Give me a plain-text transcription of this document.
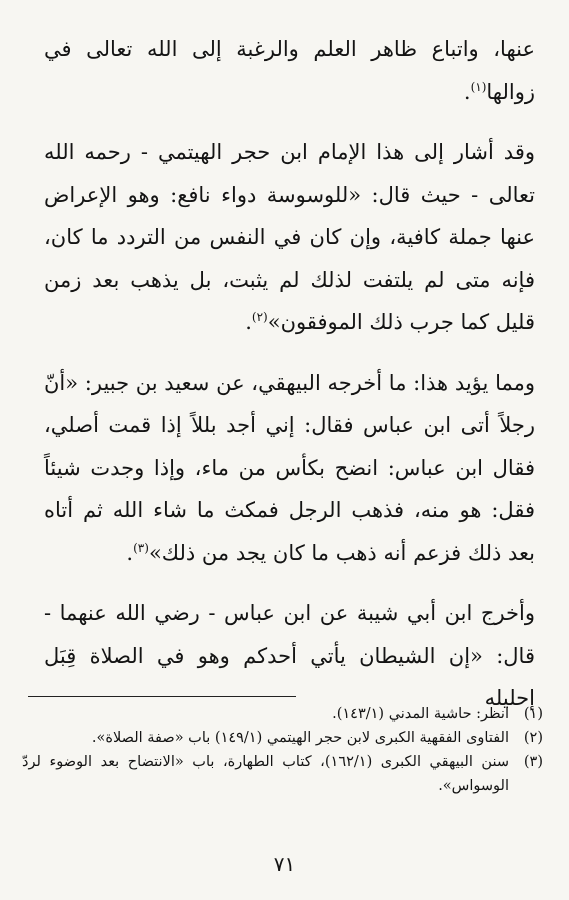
عنها، واتباع ظاهر العلم والرغبة إلى الله تعالى في زوالها$^{(١)}$.

وقد أشار إلى هذا الإمام ابن حجر الهيتمي - رحمه الله تعالى - حيث قال: «للوسوسة دواء نافع: وهو الإعراض عنها جملة كافية، وإن كان في النفس من التردد ما كان، فإنه متى لم يلتفت لذلك لم يثبت، بل يذهب بعد زمن قليل كما جرب ذلك الموفقون»$^{(٢)}$.

ومما يؤيد هذا: ما أخرجه البيهقي، عن سعيد بن جبير: «أنّ رجلاً أتى ابن عباس فقال: إني أجد بللاً إذا قمت أصلي، فقال ابن عباس: انضح بكأس من ماء، وإذا وجدت شيئاً فقل: هو منه، فذهب الرجل فمكث ما شاء الله ثم أتاه بعد ذلك فزعم أنه ذهب ما كان يجد من ذلك»$^{(٣)}$.

وأخرج ابن أبي شيبة عن ابن عباس - رضي الله عنهما - قال: «إن الشيطان يأتي أحدكم وهو في الصلاة قِبَل إحليله

(١)
انظر: حاشية المدني (١٤٣/١).
(٢)
الفتاوى الفقهية الكبرى لابن حجر الهيتمي (١٤٩/١) باب «صفة الصلاة».
(٣)
سنن البيهقي الكبرى (١٦٢/١)، كتاب الطهارة، باب «الانتضاح بعد الوضوء لردّ الوسواس».
٧١
